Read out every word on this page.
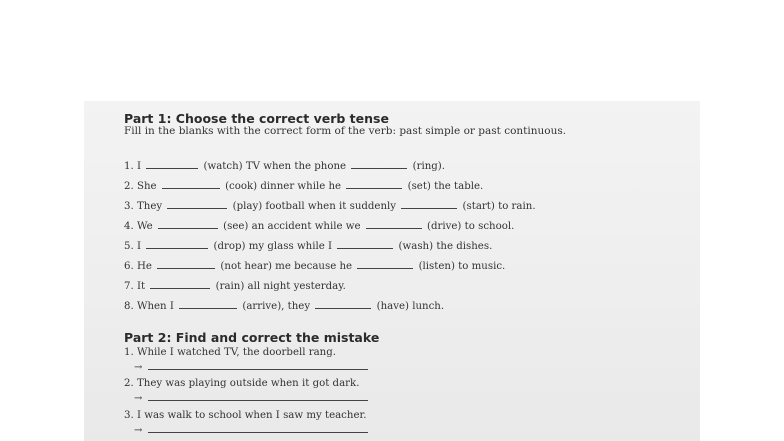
Part 1: Choose the correct verb tense
Fill in the blanks with the correct form of the verb: past simple or past continuous.
1. I	(watch) TV when the phone	(ring).
2. She	(cook) dinner while he	(set) the table.
3. They	(play) football when it suddenly	(start) to rain.
4. We	(see) an accident while we	(drive) to school.
5. I	(drop) my glass while I	(wash) the dishes.
6. He	(not hear) me because he	(listen) to music.
7. It	(rain) all night yesterday.
8. When I	(arrive), they	(have) lunch.
Part 2: Find and correct the mistake
1. While I watched TV, the doorbell rang.
→
2. They was playing outside when it got dark.
→
3. I was walk to school when I saw my teacher.
→
